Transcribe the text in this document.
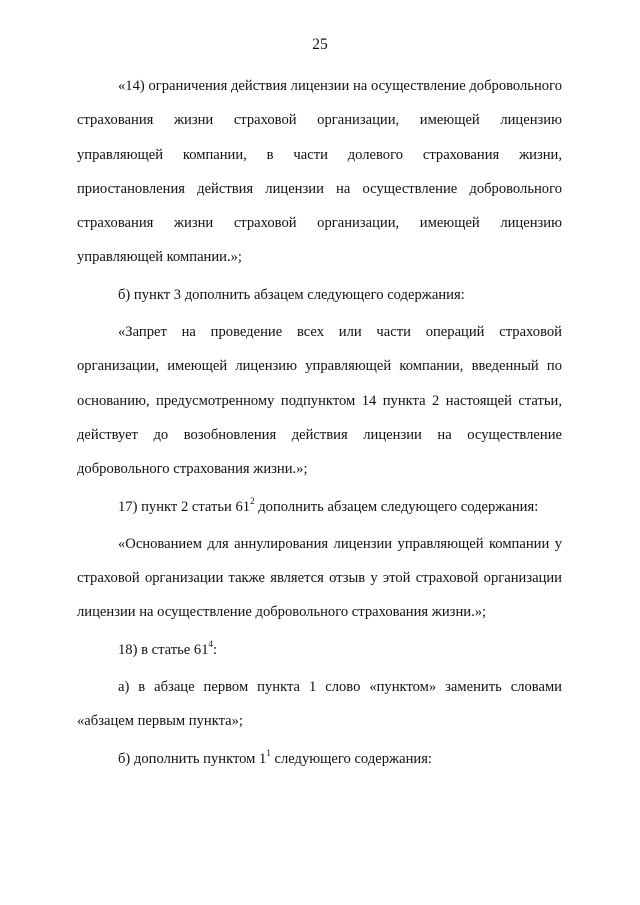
25

«14) ограничения действия лицензии на осуществление добровольного страхования жизни страховой организации, имеющей лицензию управляющей компании, в части долевого страхования жизни, приостановления действия лицензии на осуществление добровольного страхования жизни страховой организации, имеющей лицензию управляющей компании.»;

б) пункт 3 дополнить абзацем следующего содержания:

«Запрет на проведение всех или части операций страховой организации, имеющей лицензию управляющей компании, введенный по основанию, предусмотренному подпунктом 14 пункта 2 настоящей статьи, действует до возобновления действия лицензии на осуществление добровольного страхования жизни.»;

17) пункт 2 статьи $61^2$ дополнить абзацем следующего содержания:

«Основанием для аннулирования лицензии управляющей компании у страховой организации также является отзыв у этой страховой организации лицензии на осуществление добровольного страхования жизни.»;

18) в статье $61^4$:

а) в абзаце первом пункта 1 слово «пунктом» заменить словами «абзацем первым пункта»;

б) дополнить пунктом $1^1$ следующего содержания:
